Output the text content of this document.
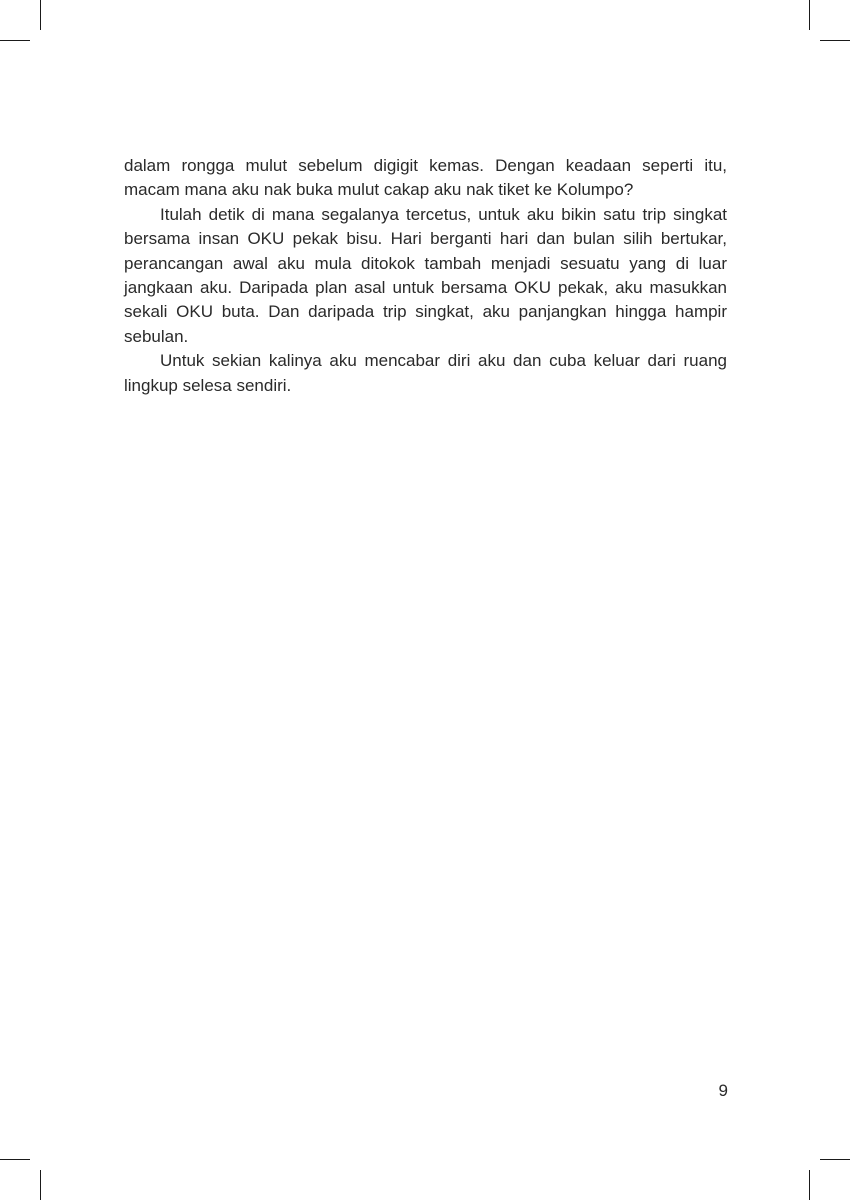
dalam rongga mulut sebelum digigit kemas. Dengan keadaan seperti itu, macam mana aku nak buka mulut cakap aku nak tiket ke Kolumpo?

Itulah detik di mana segalanya tercetus, untuk aku bikin satu trip singkat bersama insan OKU pekak bisu. Hari berganti hari dan bulan silih bertukar, perancangan awal aku mula ditokok tambah menjadi sesuatu yang di luar jangkaan aku. Daripada plan asal untuk bersama OKU pekak, aku masukkan sekali OKU buta. Dan daripada trip singkat, aku panjangkan hingga hampir sebulan.

Untuk sekian kalinya aku mencabar diri aku dan cuba keluar dari ruang lingkup selesa sendiri.

9
